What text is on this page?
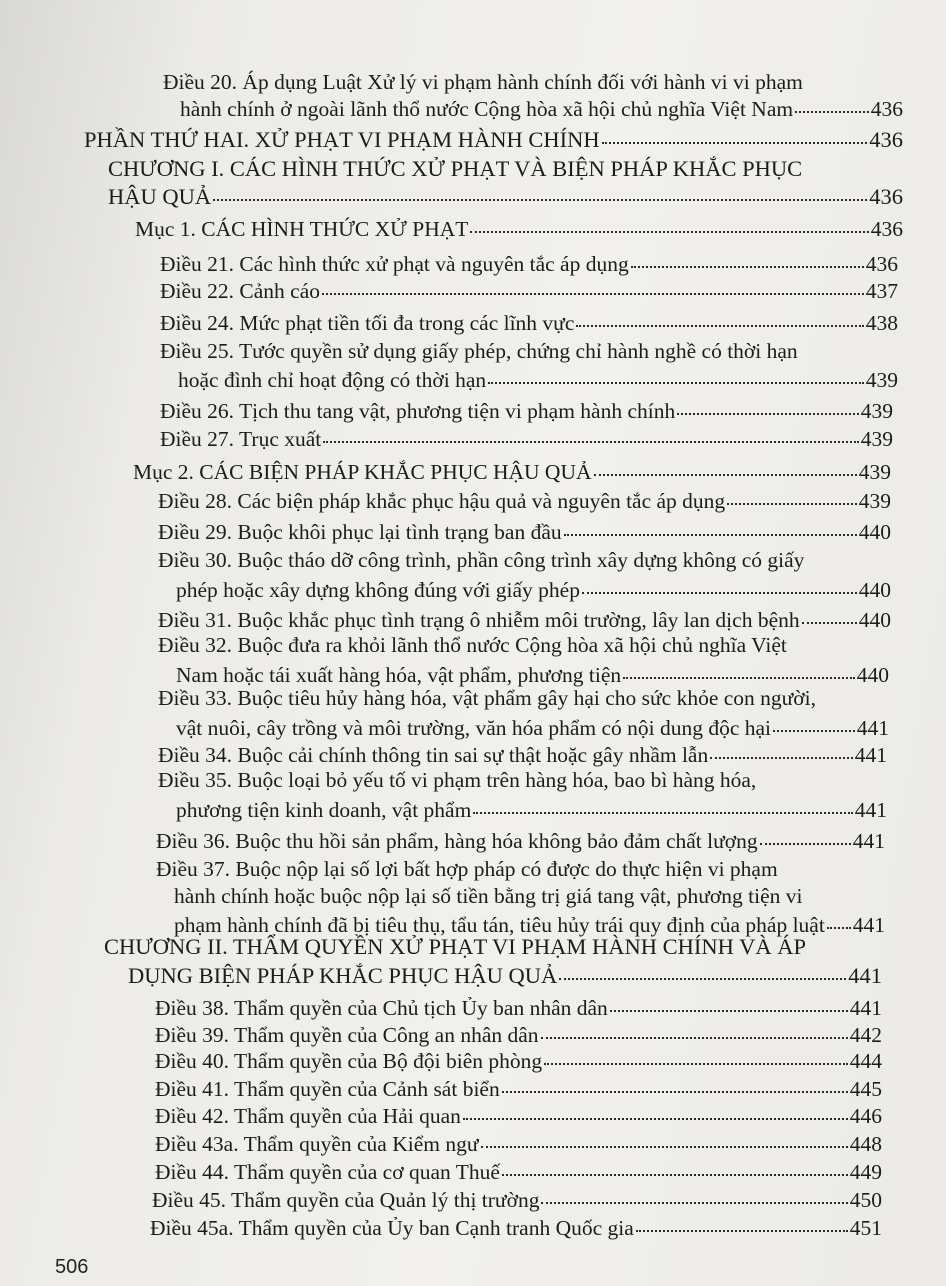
Điều 20. Áp dụng Luật Xử lý vi phạm hành chính đối với hành vi vi phạm
hành chính ở ngoài lãnh thổ nước Cộng hòa xã hội chủ nghĩa Việt Nam	436
PHẦN THỨ HAI. XỬ PHẠT VI PHẠM HÀNH CHÍNH	436
CHƯƠNG I. CÁC HÌNH THỨC XỬ PHẠT VÀ BIỆN PHÁP KHẮC PHỤC
HẬU QUẢ	436
Mục 1. CÁC HÌNH THỨC XỬ PHẠT	436
Điều 21. Các hình thức xử phạt và nguyên tắc áp dụng	436
Điều 22. Cảnh cáo	437
Điều 24. Mức phạt tiền tối đa trong các lĩnh vực	438
Điều 25. Tước quyền sử dụng giấy phép, chứng chỉ hành nghề có thời hạn
hoặc đình chỉ hoạt động có thời hạn	439
Điều 26. Tịch thu tang vật, phương tiện vi phạm hành chính	439
Điều 27. Trục xuất	439
Mục 2. CÁC BIỆN PHÁP KHẮC PHỤC HẬU QUẢ	439
Điều 28. Các biện pháp khắc phục hậu quả và nguyên tắc áp dụng	439
Điều 29. Buộc khôi phục lại tình trạng ban đầu	440
Điều 30. Buộc tháo dỡ công trình, phần công trình xây dựng không có giấy
phép hoặc xây dựng không đúng với giấy phép	440
Điều 31. Buộc khắc phục tình trạng ô nhiễm môi trường, lây lan dịch bệnh	440
Điều 32. Buộc đưa ra khỏi lãnh thổ nước Cộng hòa xã hội chủ nghĩa Việt
Nam hoặc tái xuất hàng hóa, vật phẩm, phương tiện	440
Điều 33. Buộc tiêu hủy hàng hóa, vật phẩm gây hại cho sức khỏe con người,
vật nuôi, cây trồng và môi trường, văn hóa phẩm có nội dung độc hại	441
Điều 34. Buộc cải chính thông tin sai sự thật hoặc gây nhầm lẫn	441
Điều 35. Buộc loại bỏ yếu tố vi phạm trên hàng hóa, bao bì hàng hóa,
phương tiện kinh doanh, vật phẩm	441
Điều 36. Buộc thu hồi sản phẩm, hàng hóa không bảo đảm chất lượng	441
Điều 37. Buộc nộp lại số lợi bất hợp pháp có được do thực hiện vi phạm
hành chính hoặc buộc nộp lại số tiền bằng trị giá tang vật, phương tiện vi
phạm hành chính đã bị tiêu thụ, tẩu tán, tiêu hủy trái quy định của pháp luật 441
CHƯƠNG II. THẨM QUYỀN XỬ PHẠT VI PHẠM HÀNH CHÍNH VÀ ÁP
DỤNG BIỆN PHÁP KHẮC PHỤC HẬU QUẢ	441
Điều 38. Thẩm quyền của Chủ tịch Ủy ban nhân dân	441
Điều 39. Thẩm quyền của Công an nhân dân	442
Điều 40. Thẩm quyền của Bộ đội biên phòng	444
Điều 41. Thẩm quyền của Cảnh sát biển	445
Điều 42. Thẩm quyền của Hải quan	446
Điều 43a. Thẩm quyền của Kiểm ngư	448
Điều 44. Thẩm quyền của cơ quan Thuế	449
Điều 45. Thẩm quyền của Quản lý thị trường	450
Điều 45a. Thẩm quyền của Ủy ban Cạnh tranh Quốc gia	451
506
